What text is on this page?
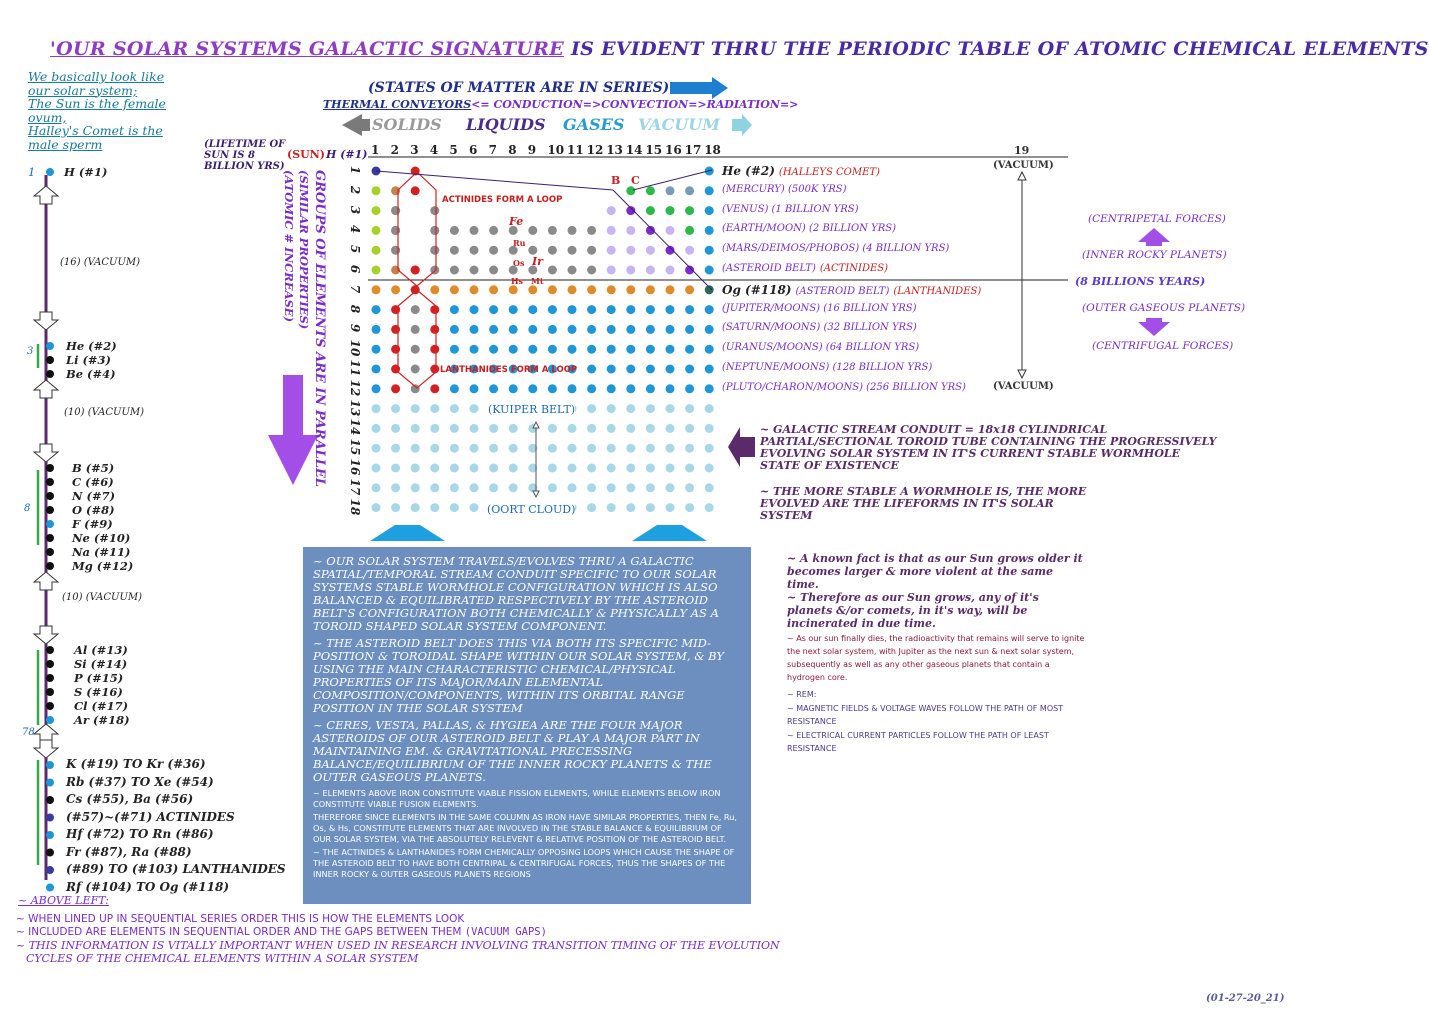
'OUR SOLAR SYSTEMS GALACTIC SIGNATURE IS EVIDENT THRU THE PERIODIC TABLE OF ATOMIC CHEMICAL ELEMENTS
We basically look like
our solar system;
The Sun is the female
ovum,
Halley's Comet is the
male sperm
(STATES OF MATTER ARE IN SERIES)
THERMAL CONVEYORS<= CONDUCTION=>CONVECTION=>RADIATION=>
SOLIDS LIQUIDS GASES VACUUM
(LIFETIME OF
SUN IS 8
BILLION YRS)
(SUN) H (#1)	19
(VACUUM)
(VACUUM)
1 2 3 4 5 6 7 8 9 10 11 12 13 14 15 16 17 18
1
2
3
4
5
6
7
8
9
10
11
12
13
14
15
16
17
18
ACTINIDES FORM A LOOP
LANTHANIDES FORM A LOOP
Fe
Ru
Os Ir
Hs Mt
B C
(KUIPER BELT)
(OORT CLOUD)
GROUPS OF ELEMENTS ARE IN PARALLEL
(SIMILAR PROPERTIES)
(ATOMIC # INCREASE)	He (#2) (HALLEYS COMET)
(MERCURY) (500K YRS)
(VENUS) (1 BILLION YRS)
(EARTH/MOON) (2 BILLION YRS)
(MARS/DEIMOS/PHOBOS) (4 BILLION YRS)
(ASTEROID BELT) (ACTINIDES)
Og (#118) (ASTEROID BELT) (LANTHANIDES)
(JUPITER/MOONS) (16 BILLION YRS)
(SATURN/MOONS) (32 BILLION YRS)
(URANUS/MOONS) (64 BILLION YRS)
(NEPTUNE/MOONS) (128 BILLION YRS)
(PLUTO/CHARON/MOONS) (256 BILLION YRS)
(CENTRIPETAL FORCES)
(INNER ROCKY PLANETS)
(8 BILLIONS YEARS)
(OUTER GASEOUS PLANETS)
(CENTRIFUGAL FORCES)
~ GALACTIC STREAM CONDUIT = 18x18 CYLINDRICAL
PARTIAL/SECTIONAL TOROID TUBE CONTAINING THE PROGRESSIVELY
EVOLVING SOLAR SYSTEM IN IT'S CURRENT STABLE WORMHOLE
STATE OF EXISTENCE
~ THE MORE STABLE A WORMHOLE IS, THE MORE
EVOLVED ARE THE LIFEFORMS IN IT'S SOLAR
SYSTEM

~ OUR SOLAR SYSTEM TRAVELS/EVOLVES THRU A GALACTIC SPATIAL/TEMPORAL STREAM CONDUIT SPECIFIC TO OUR SOLAR SYSTEMS STABLE WORMHOLE CONFIGURATION WHICH IS ALSO BALANCED & EQUILIBRATED RESPECTIVELY BY THE ASTEROID BELT'S CONFIGURATION BOTH CHEMICALLY & PHYSICALLY AS A TOROID SHAPED SOLAR SYSTEM COMPONENT.

~ THE ASTEROID BELT DOES THIS VIA BOTH ITS SPECIFIC MID-POSITION & TOROIDAL SHAPE WITHIN OUR SOLAR SYSTEM, & BY USING THE MAIN CHARACTERISTIC CHEMICAL/PHYSICAL PROPERTIES OF ITS MAJOR/MAIN ELEMENTAL COMPOSITION/COMPONENTS, WITHIN ITS ORBITAL RANGE POSITION IN THE SOLAR SYSTEM

~ CERES, VESTA, PALLAS, & HYGIEA ARE THE FOUR MAJOR ASTEROIDS OF OUR ASTEROID BELT & PLAY A MAJOR PART IN MAINTAINING EM. & GRAVITATIONAL PRECESSING BALANCE/EQUILIBRIUM OF THE INNER ROCKY PLANETS & THE OUTER GASEOUS PLANETS.

~ ELEMENTS ABOVE IRON CONSTITUTE VIABLE FISSION ELEMENTS, WHILE ELEMENTS BELOW IRON CONSTITUTE VIABLE FUSION ELEMENTS.

THEREFORE SINCE ELEMENTS IN THE SAME COLUMN AS IRON HAVE SIMILAR PROPERTIES, THEN Fe, Ru, Os, & Hs, CONSTITUTE ELEMENTS THAT ARE INVOLVED IN THE STABLE BALANCE & EQUILIBRIUM OF OUR SOLAR SYSTEM, VIA THE ABSOLUTELY RELEVENT & RELATIVE POSITION OF THE ASTEROID BELT.

~ THE ACTINIDES & LANTHANIDES FORM CHEMICALLY OPPOSING LOOPS WHICH CAUSE THE SHAPE OF THE ASTEROID BELT TO HAVE BOTH CENTRIPAL & CENTRIFUGAL FORCES, THUS THE SHAPES OF THE INNER ROCKY & OUTER GASEOUS PLANETS REGIONS

~ A known fact is that as our Sun grows older it becomes larger & more violent at the same time.

~ Therefore as our Sun grows, any of it's planets &/or comets, in it's way, will be incinerated in due time.

~ As our sun finally dies, the radioactivity that remains will serve to ignite the next solar system, with Jupiter as the next sun & next solar system, subsequently as well as any other gaseous planets that contain a hydrogen core.

~ REM:

~ MAGNETIC FIELDS & VOLTAGE WAVES FOLLOW THE PATH OF MOST RESISTANCE

~ ELECTRICAL CURRENT PARTICLES FOLLOW THE PATH OF LEAST RESISTANCE

H (#1)
1
(16) (VACUUM)
3	He (#2)
Li (#3)
Be (#4)
(10) (VACUUM)
8
B (#5)
C (#6)
N (#7)
O (#8)
F (#9)
Ne (#10)
Na (#11)
Mg (#12)
(10) (VACUUM)
Al (#13)
Si (#14)
P (#15)
S (#16)
Cl (#17)
Ar (#18)
78
K (#19) TO Kr (#36)
Rb (#37) TO Xe (#54)
Cs (#55), Ba (#56)
(#57)~(#71) ACTINIDES
Hf (#72) TO Rn (#86)
Fr (#87), Ra (#88)
(#89) TO (#103) LANTHANIDES
Rf (#104) TO Og (#118)
~ ABOVE LEFT:
~ WHEN LINED UP IN SEQUENTIAL SERIES ORDER THIS IS HOW THE ELEMENTS LOOK
~ INCLUDED ARE ELEMENTS IN SEQUENTIAL ORDER AND THE GAPS BETWEEN THEM (VACUUM GAPS)
~ THIS INFORMATION IS VITALLY IMPORTANT WHEN USED IN RESEARCH INVOLVING TRANSITION TIMING OF THE EVOLUTION
CYCLES OF THE CHEMICAL ELEMENTS WITHIN A SOLAR SYSTEM
(01-27-20_21)
